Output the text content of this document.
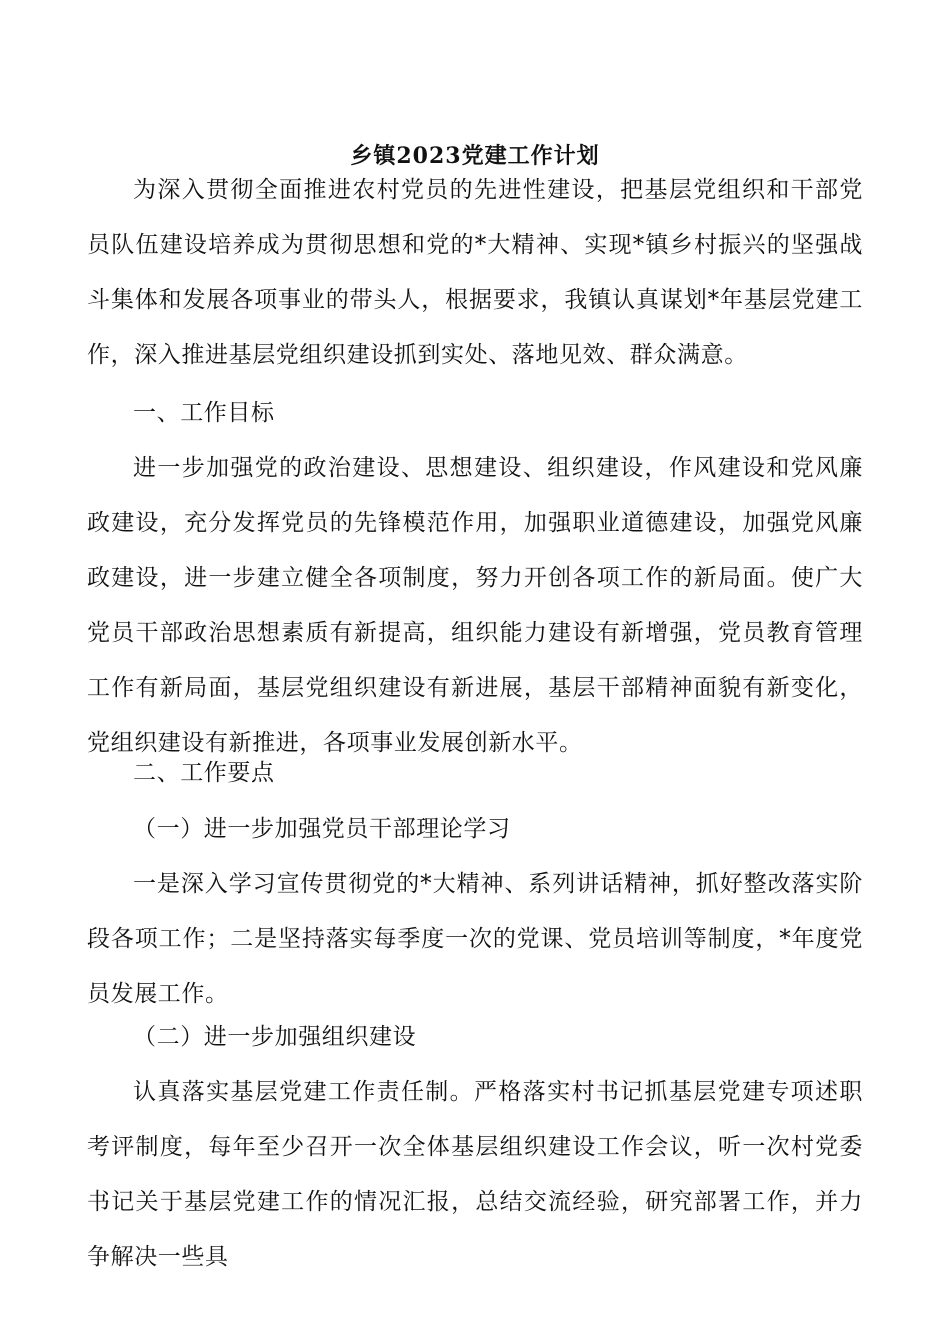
乡镇2023党建工作计划

为深入贯彻全面推进农村党员的先进性建设，把基层党组织和干部党员队伍建设培养成为贯彻思想和党的*大精神、实现*镇乡村振兴的坚强战斗集体和发展各项事业的带头人，根据要求，我镇认真谋划*年基层党建工作，深入推进基层党组织建设抓到实处、落地见效、群众满意。

一、工作目标

进一步加强党的政治建设、思想建设、组织建设，作风建设和党风廉政建设，充分发挥党员的先锋模范作用，加强职业道德建设，加强党风廉政建设，进一步建立健全各项制度，努力开创各项工作的新局面。使广大党员干部政治思想素质有新提高，组织能力建设有新增强，党员教育管理工作有新局面，基层党组织建设有新进展，基层干部精神面貌有新变化，党组织建设有新推进，各项事业发展创新水平。

二、工作要点

（一）进一步加强党员干部理论学习

一是深入学习宣传贯彻党的*大精神、系列讲话精神，抓好整改落实阶段各项工作；二是坚持落实每季度一次的党课、党员培训等制度，*年度党员发展工作。

（二）进一步加强组织建设

认真落实基层党建工作责任制。严格落实村书记抓基层党建专项述职考评制度，每年至少召开一次全体基层组织建设工作会议，听一次村党委书记关于基层党建工作的情况汇报，总结交流经验，研究部署工作，并力争解决一些具
